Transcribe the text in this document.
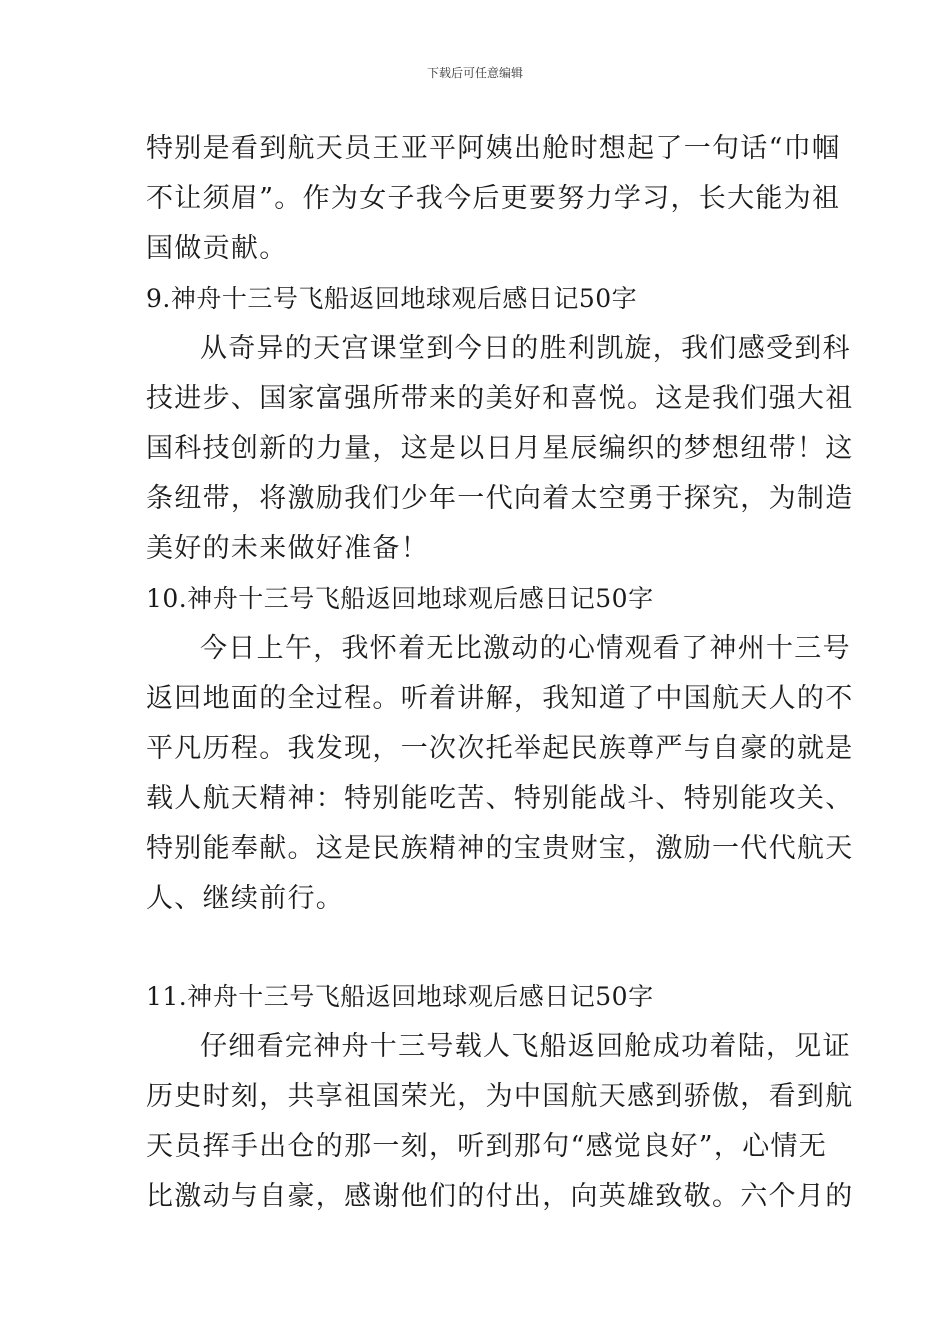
下载后可任意编辑
特别是看到航天员王亚平阿姨出舱时想起了一句话“巾帼
不让须眉”。作为女子我今后更要努力学习，长大能为祖
国做贡献。
9.神舟十三号飞船返回地球观后感日记50字
从奇异的天宫课堂到今日的胜利凯旋，我们感受到科
技进步、国家富强所带来的美好和喜悦。这是我们强大祖
国科技创新的力量，这是以日月星辰编织的梦想纽带！这
条纽带，将激励我们少年一代向着太空勇于探究，为制造
美好的未来做好准备！
10.神舟十三号飞船返回地球观后感日记50字
今日上午，我怀着无比激动的心情观看了神州十三号
返回地面的全过程。听着讲解，我知道了中国航天人的不
平凡历程。我发现，一次次托举起民族尊严与自豪的就是
载人航天精神：特别能吃苦、特别能战斗、特别能攻关、
特别能奉献。这是民族精神的宝贵财宝，激励一代代航天
人、继续前行。
11.神舟十三号飞船返回地球观后感日记50字
仔细看完神舟十三号载人飞船返回舱成功着陆，见证
历史时刻，共享祖国荣光，为中国航天感到骄傲，看到航
天员挥手出仓的那一刻，听到那句“感觉良好”，心情无
比激动与自豪，感谢他们的付出，向英雄致敬。六个月的
